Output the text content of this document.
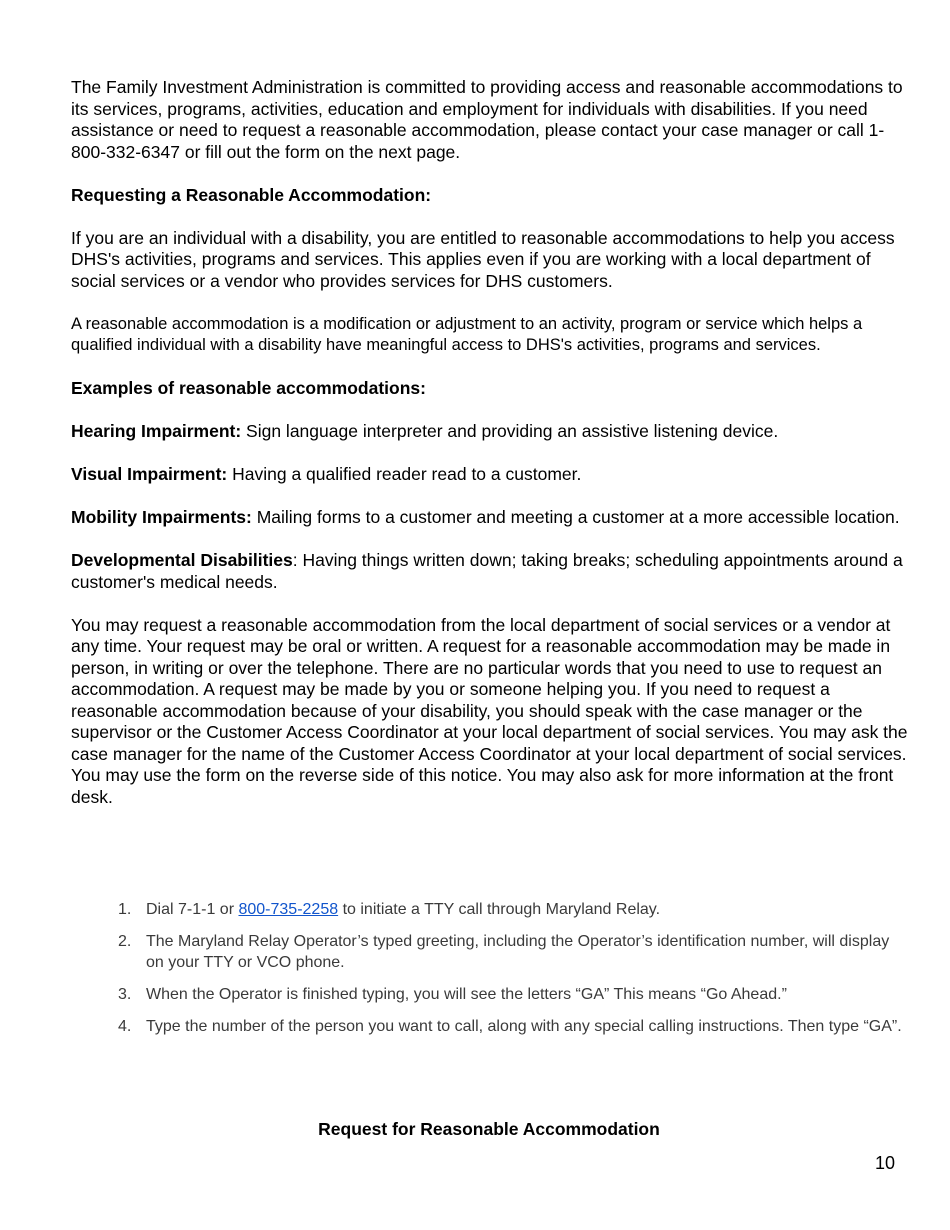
The Family Investment Administration is committed to providing access and reasonable accommodations to its services, programs, activities, education and employment for individuals with disabilities. If you need assistance or need to request a reasonable accommodation, please contact your case manager or call 1-800-332-6347 or fill out the form on the next page.

Requesting a Reasonable Accommodation:

If you are an individual with a disability, you are entitled to reasonable accommodations to help you access DHS's activities, programs and services. This applies even if you are working with a local department of social services or a vendor who provides services for DHS customers.

A reasonable accommodation is a modification or adjustment to an activity, program or service which helps a qualified individual with a disability have meaningful access to DHS's activities, programs and services.

Examples of reasonable accommodations:

Hearing Impairment: Sign language interpreter and providing an assistive listening device.

Visual Impairment: Having a qualified reader read to a customer.

Mobility Impairments: Mailing forms to a customer and meeting a customer at a more accessible location.

Developmental Disabilities: Having things written down; taking breaks; scheduling appointments around a customer's medical needs.

You may request a reasonable accommodation from the local department of social services or a vendor at any time. Your request may be oral or written. A request for a reasonable accommodation may be made in person, in writing or over the telephone. There are no particular words that you need to use to request an accommodation. A request may be made by you or someone helping you. If you need to request a reasonable accommodation because of your disability, you should speak with the case manager or the supervisor or the Customer Access Coordinator at your local department of social services. You may ask the case manager for the name of the Customer Access Coordinator at your local department of social services. You may use the form on the reverse side of this notice. You may also ask for more information at the front desk.

1. Dial 7-1-1 or 800-735-2258 to initiate a TTY call through Maryland Relay.
2. The Maryland Relay Operator’s typed greeting, including the Operator’s identification number, will display on your TTY or VCO phone.
3. When the Operator is finished typing, you will see the letters “GA” This means “Go Ahead.”
4. Type the number of the person you want to call, along with any special calling instructions. Then type “GA”.
Request for Reasonable Accommodation
10
